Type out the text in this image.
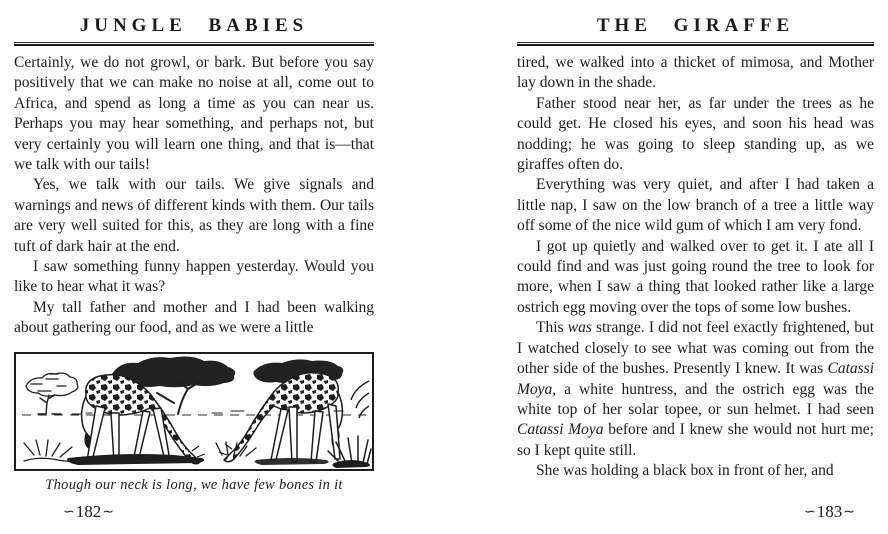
JUNGLE BABIES

Certainly, we do not growl, or bark. But before you say positively that we can make no noise at all, come out to Africa, and spend as long a time as you can near us. Perhaps you may hear something, and perhaps not, but very certainly you will learn one thing, and that is—that we talk with our tails!

Yes, we talk with our tails. We give signals and warnings and news of different kinds with them. Our tails are very well suited for this, as they are long with a fine tuft of dark hair at the end.

I saw something funny happen yesterday. Would you like to hear what it was?

My tall father and mother and I had been walking about gathering our food, and as we were a little

OH
Though our neck is long, we have few bones in it
∽182∼
THE GIRAFFE

tired, we walked into a thicket of mimosa, and Mother lay down in the shade.

Father stood near her, as far under the trees as he could get. He closed his eyes, and soon his head was nodding; he was going to sleep standing up, as we giraffes often do.

Everything was very quiet, and after I had taken a little nap, I saw on the low branch of a tree a little way off some of the nice wild gum of which I am very fond.

I got up quietly and walked over to get it. I ate all I could find and was just going round the tree to look for more, when I saw a thing that looked rather like a large ostrich egg moving over the tops of some low bushes.

This was strange. I did not feel exactly frightened, but I watched closely to see what was coming out from the other side of the bushes. Presently I knew. It was Catassi Moya, a white huntress, and the ostrich egg was the white top of her solar topee, or sun helmet. I had seen Catassi Moya before and I knew she would not hurt me; so I kept quite still.

She was holding a black box in front of her, and

∽183∼
